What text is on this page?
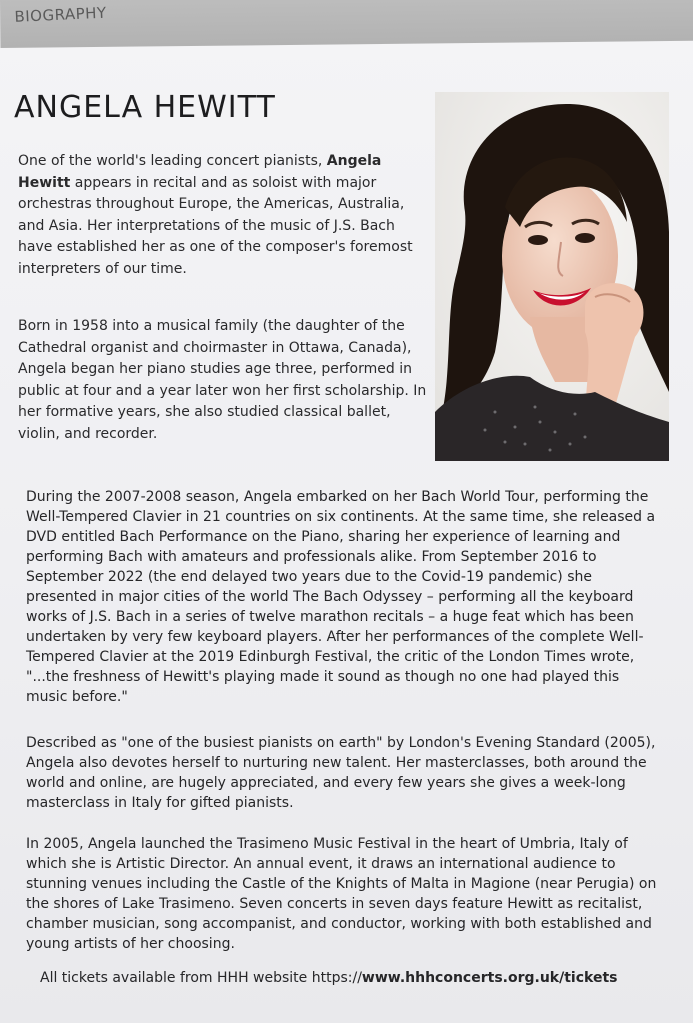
BIOGRAPHY
ANGELA HEWITT

One of the world's leading concert pianists, Angela Hewitt appears in recital and as soloist with major orchestras throughout Europe, the Americas, Australia, and Asia. Her interpretations of the music of J.S. Bach have established her as one of the composer's foremost interpreters of our time.

Born in 1958 into a musical family (the daughter of the Cathedral organist and choirmaster in Ottawa, Canada), Angela began her piano studies age three, performed in public at four and a year later won her first scholarship. In her formative years, she also studied classical ballet, violin, and recorder.

During the 2007-2008 season, Angela embarked on her Bach World Tour, performing the Well-Tempered Clavier in 21 countries on six continents. At the same time, she released a DVD entitled Bach Performance on the Piano, sharing her experience of learning and performing Bach with amateurs and professionals alike. From September 2016 to September 2022 (the end delayed two years due to the Covid-19 pandemic) she presented in major cities of the world The Bach Odyssey – performing all the keyboard works of J.S. Bach in a series of twelve marathon recitals – a huge feat which has been undertaken by very few keyboard players. After her performances of the complete Well-Tempered Clavier at the 2019 Edinburgh Festival, the critic of the London Times wrote, "...the freshness of Hewitt's playing made it sound as though no one had played this music before."

Described as "one of the busiest pianists on earth" by London's Evening Standard (2005), Angela also devotes herself to nurturing new talent. Her masterclasses, both around the world and online, are hugely appreciated, and every few years she gives a week-long masterclass in Italy for gifted pianists.

In 2005, Angela launched the Trasimeno Music Festival in the heart of Umbria, Italy of which she is Artistic Director. An annual event, it draws an international audience to stunning venues including the Castle of the Knights of Malta in Magione (near Perugia) on the shores of Lake Trasimeno. Seven concerts in seven days feature Hewitt as recitalist, chamber musician, song accompanist, and conductor, working with both established and young artists of her choosing.

All tickets available from HHH website https://www.hhhconcerts.org.uk/tickets
